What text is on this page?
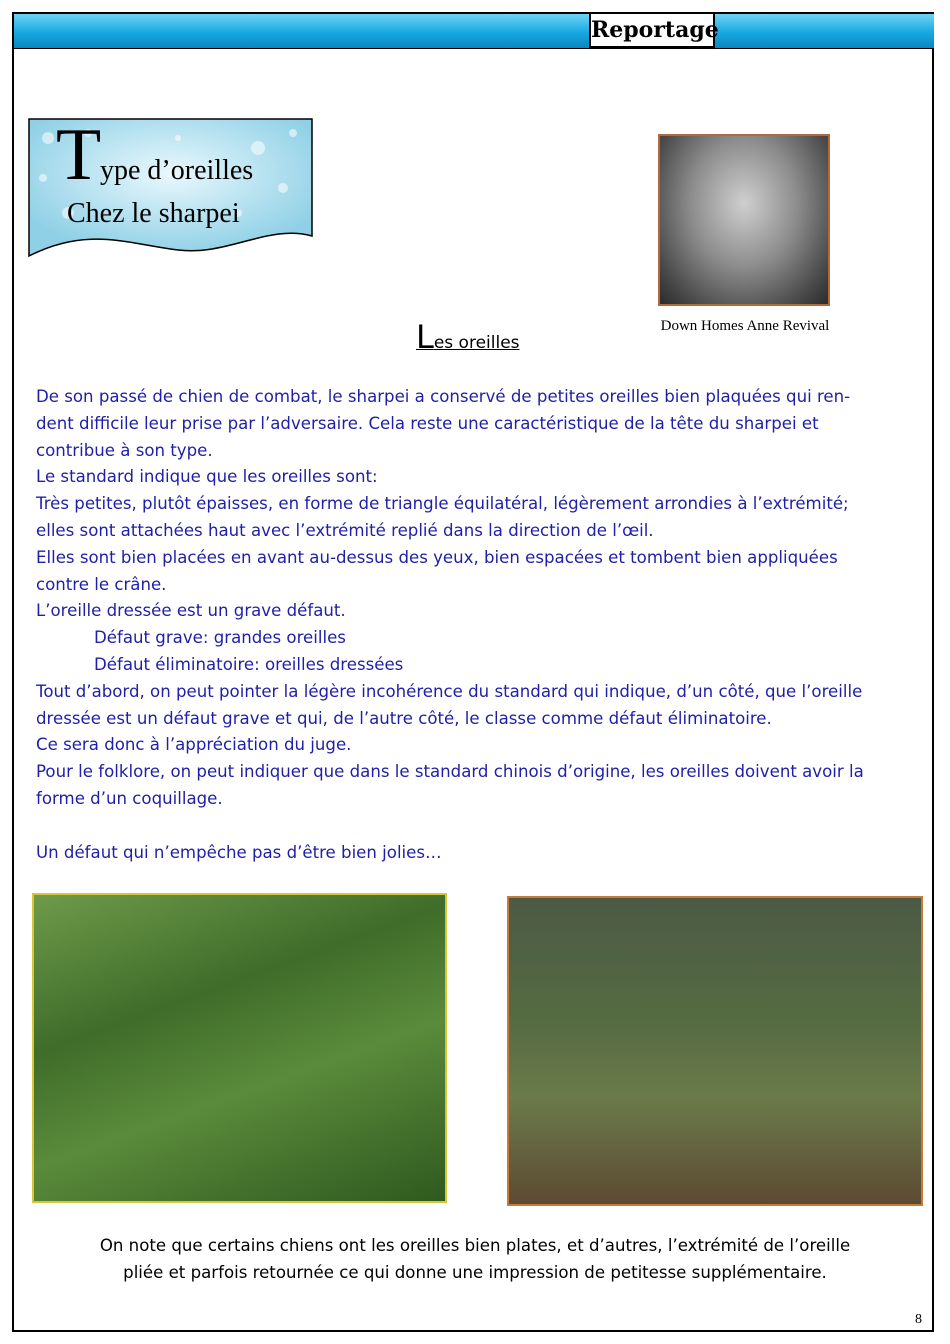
Reportage
T
ype d’oreilles
Chez le sharpei
Down Homes Anne Revival
Les oreilles

De son passé de chien de combat, le sharpei a conservé de petites oreilles bien plaquées qui ren-

dent difficile leur prise par l’adversaire. Cela reste une caractéristique de la tête du sharpei et

contribue à son type.

Le standard indique que les oreilles sont:

Très petites, plutôt épaisses, en forme de triangle équilatéral, légèrement arrondies à l’extrémité;

elles sont attachées haut avec l’extrémité replié dans la direction de l’œil.

Elles sont bien placées en avant au-dessus des yeux, bien espacées et tombent bien appliquées

contre le crâne.

L’oreille dressée est un grave défaut.

Défaut grave: grandes oreilles

Défaut éliminatoire: oreilles dressées

Tout d’abord, on peut pointer la légère incohérence du standard qui indique, d’un côté, que l’oreille

dressée est un défaut grave et qui, de l’autre côté, le classe comme défaut éliminatoire.

Ce sera donc à l’appréciation du juge.

Pour le folklore, on peut indiquer que dans le standard chinois d’origine, les oreilles doivent avoir la

forme d’un coquillage.

Un défaut qui n’empêche pas d’être bien jolies…

On note que certains chiens ont les oreilles bien plates, et d’autres, l’extrémité de l’oreille
pliée et parfois retournée ce qui donne une impression de petitesse supplémentaire.
8
